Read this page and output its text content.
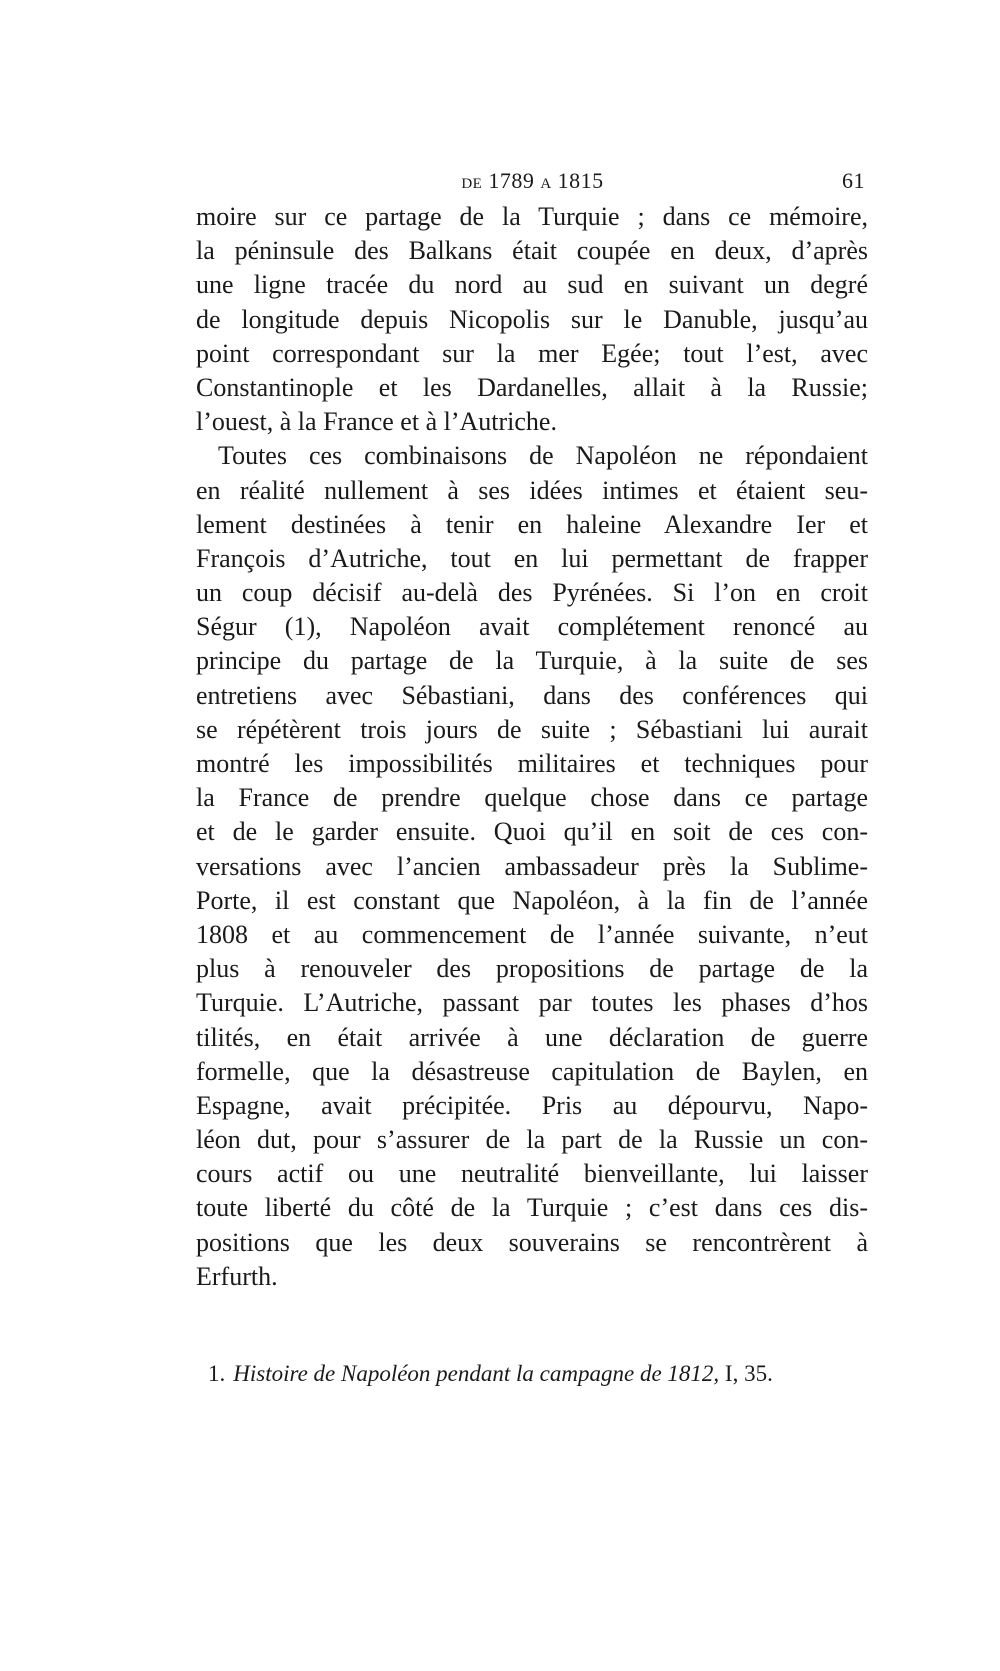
de 1789 a 1815	61
moire sur ce partage de la Turquie ; dans ce mémoire,
la péninsule des Balkans était coupée en deux, d’après
une ligne tracée du nord au sud en suivant un degré
de longitude depuis Nicopolis sur le Danuble, jusqu’au
point correspondant sur la mer Egée; tout l’est, avec
Constantinople et les Dardanelles, allait à la Russie;
l’ouest, à la France et à l’Autriche.
Toutes ces combinaisons de Napoléon ne répondaient
en réalité nullement à ses idées intimes et étaient seu-
lement destinées à tenir en haleine Alexandre Ier et
François d’Autriche, tout en lui permettant de frapper
un coup décisif au-delà des Pyrénées. Si l’on en croit
Ségur (1), Napoléon avait complétement renoncé au
principe du partage de la Turquie, à la suite de ses
entretiens avec Sébastiani, dans des conférences qui
se répétèrent trois jours de suite ; Sébastiani lui aurait
montré les impossibilités militaires et techniques pour
la France de prendre quelque chose dans ce partage
et de le garder ensuite. Quoi qu’il en soit de ces con-
versations avec l’ancien ambassadeur près la Sublime-
Porte, il est constant que Napoléon, à la fin de l’année
1808 et au commencement de l’année suivante, n’eut
plus à renouveler des propositions de partage de la
Turquie. L’Autriche, passant par toutes les phases d’hos
tilités, en était arrivée à une déclaration de guerre
formelle, que la désastreuse capitulation de Baylen, en
Espagne, avait précipitée. Pris au dépourvu, Napo-
léon dut, pour s’assurer de la part de la Russie un con-
cours actif ou une neutralité bienveillante, lui laisser
toute liberté du côté de la Turquie ; c’est dans ces dis-
positions que les deux souverains se rencontrèrent à
Erfurth.
1. Histoire de Napoléon pendant la campagne de 1812, I, 35.
